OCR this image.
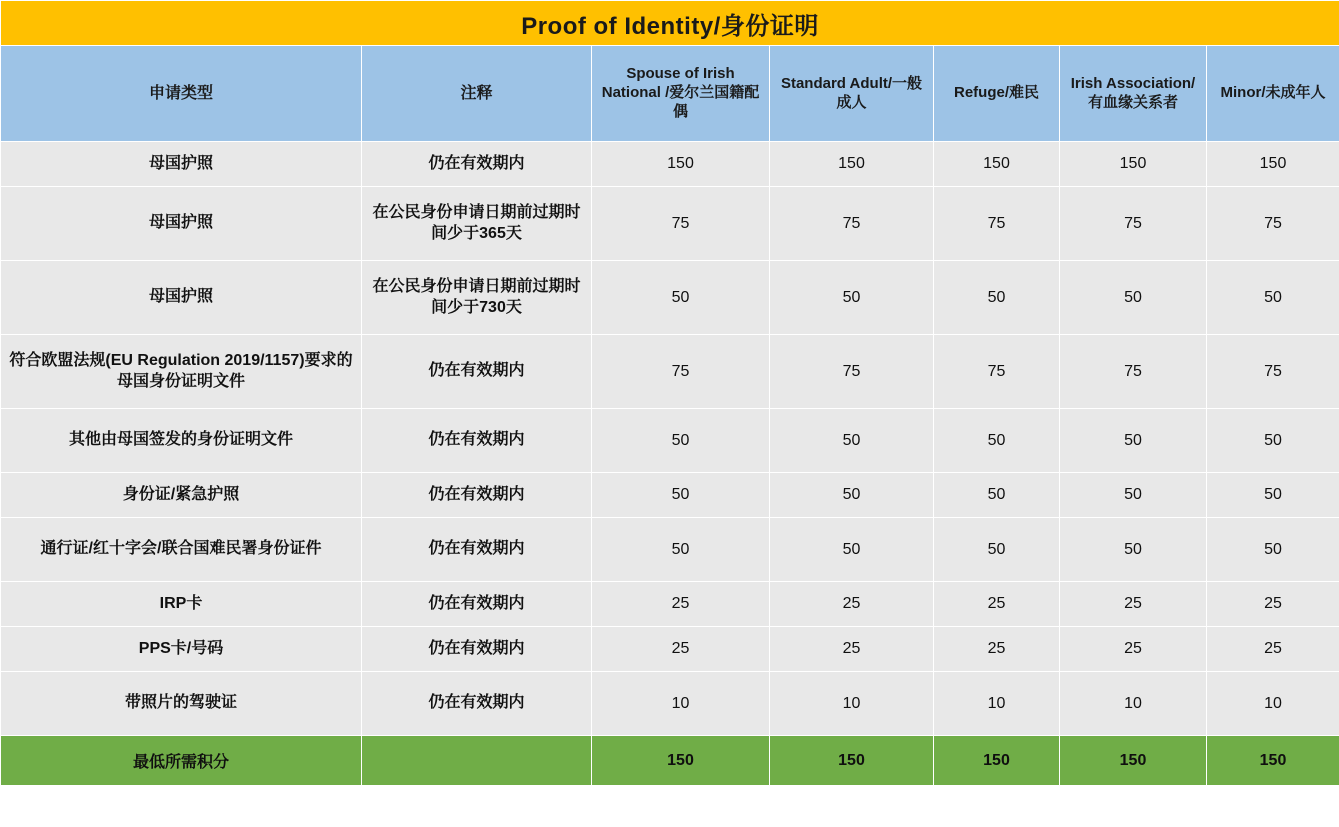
Proof of Identity/身份证明						
申请类型	注释	Spouse of Irish National /爱尔兰国籍配偶	Standard Adult/一般成人	Refuge/难民	Irish Association/有血缘关系者	Minor/未成年人
母国护照	仍在有效期内	150	150	150	150	150
母国护照	在公民身份申请日期前过期时间少于365天	75	75	75	75	75
母国护照	在公民身份申请日期前过期时间少于730天	50	50	50	50	50
符合欧盟法规(EU Regulation 2019/1157)要求的母国身份证明文件	仍在有效期内	75	75	75	75	75
其他由母国签发的身份证明文件	仍在有效期内	50	50	50	50	50
身份证/紧急护照	仍在有效期内	50	50	50	50	50
通行证/红十字会/联合国难民署身份证件	仍在有效期内	50	50	50	50	50
IRP卡	仍在有效期内	25	25	25	25	25
PPS卡/号码	仍在有效期内	25	25	25	25	25
带照片的驾驶证	仍在有效期内	10	10	10	10	10
最低所需积分		150	150	150	150	150
